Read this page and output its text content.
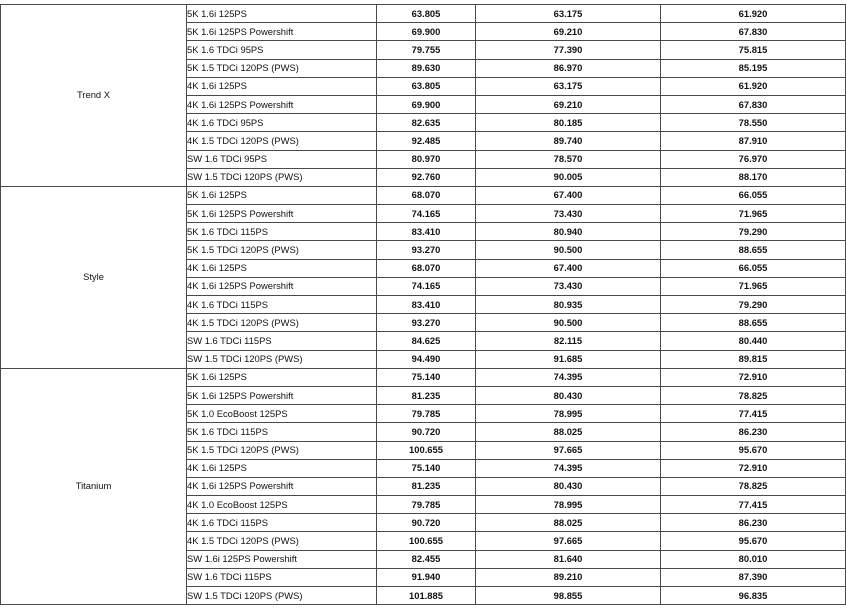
Trend X	5K 1.6i 125PS	63.805	63.175	61.920
	5K 1.6i 125PS Powershift	69.900	69.210	67.830
	5K 1.6 TDCi 95PS	79.755	77.390	75.815
	5K 1.5 TDCi 120PS (PWS)	89.630	86.970	85.195
	4K 1.6i 125PS	63.805	63.175	61.920
	4K 1.6i 125PS Powershift	69.900	69.210	67.830
	4K 1.6 TDCi 95PS	82.635	80.185	78.550
	4K 1.5 TDCi 120PS (PWS)	92.485	89.740	87.910
	SW 1.6 TDCi 95PS	80.970	78.570	76.970
	SW 1.5 TDCi 120PS (PWS)	92.760	90.005	88.170
Style	5K 1.6i 125PS	68.070	67.400	66.055
	5K 1.6i 125PS Powershift	74.165	73.430	71.965
	5K 1.6 TDCi 115PS	83.410	80.940	79.290
	5K 1.5 TDCi 120PS (PWS)	93.270	90.500	88.655
	4K 1.6i 125PS	68.070	67.400	66.055
	4K 1.6i 125PS Powershift	74.165	73.430	71.965
	4K 1.6 TDCi 115PS	83.410	80.935	79.290
	4K 1.5 TDCi 120PS (PWS)	93.270	90.500	88.655
	SW 1.6 TDCi 115PS	84.625	82.115	80.440
	SW 1.5 TDCi 120PS (PWS)	94.490	91.685	89.815
Titanium	5K 1.6i 125PS	75.140	74.395	72.910
	5K 1.6i 125PS Powershift	81.235	80.430	78.825
	5K 1.0 EcoBoost 125PS	79.785	78.995	77.415
	5K 1.6 TDCi 115PS	90.720	88.025	86.230
	5K 1.5 TDCi 120PS (PWS)	100.655	97.665	95.670
	4K 1.6i 125PS	75.140	74.395	72.910
	4K 1.6i 125PS Powershift	81.235	80.430	78.825
	4K 1.0 EcoBoost 125PS	79.785	78.995	77.415
	4K 1.6 TDCi 115PS	90.720	88.025	86.230
	4K 1.5 TDCi 120PS (PWS)	100.655	97.665	95.670
	SW 1.6i 125PS Powershift	82.455	81.640	80.010
	SW 1.6 TDCi 115PS	91.940	89.210	87.390
	SW 1.5 TDCi 120PS (PWS)	101.885	98.855	96.835
